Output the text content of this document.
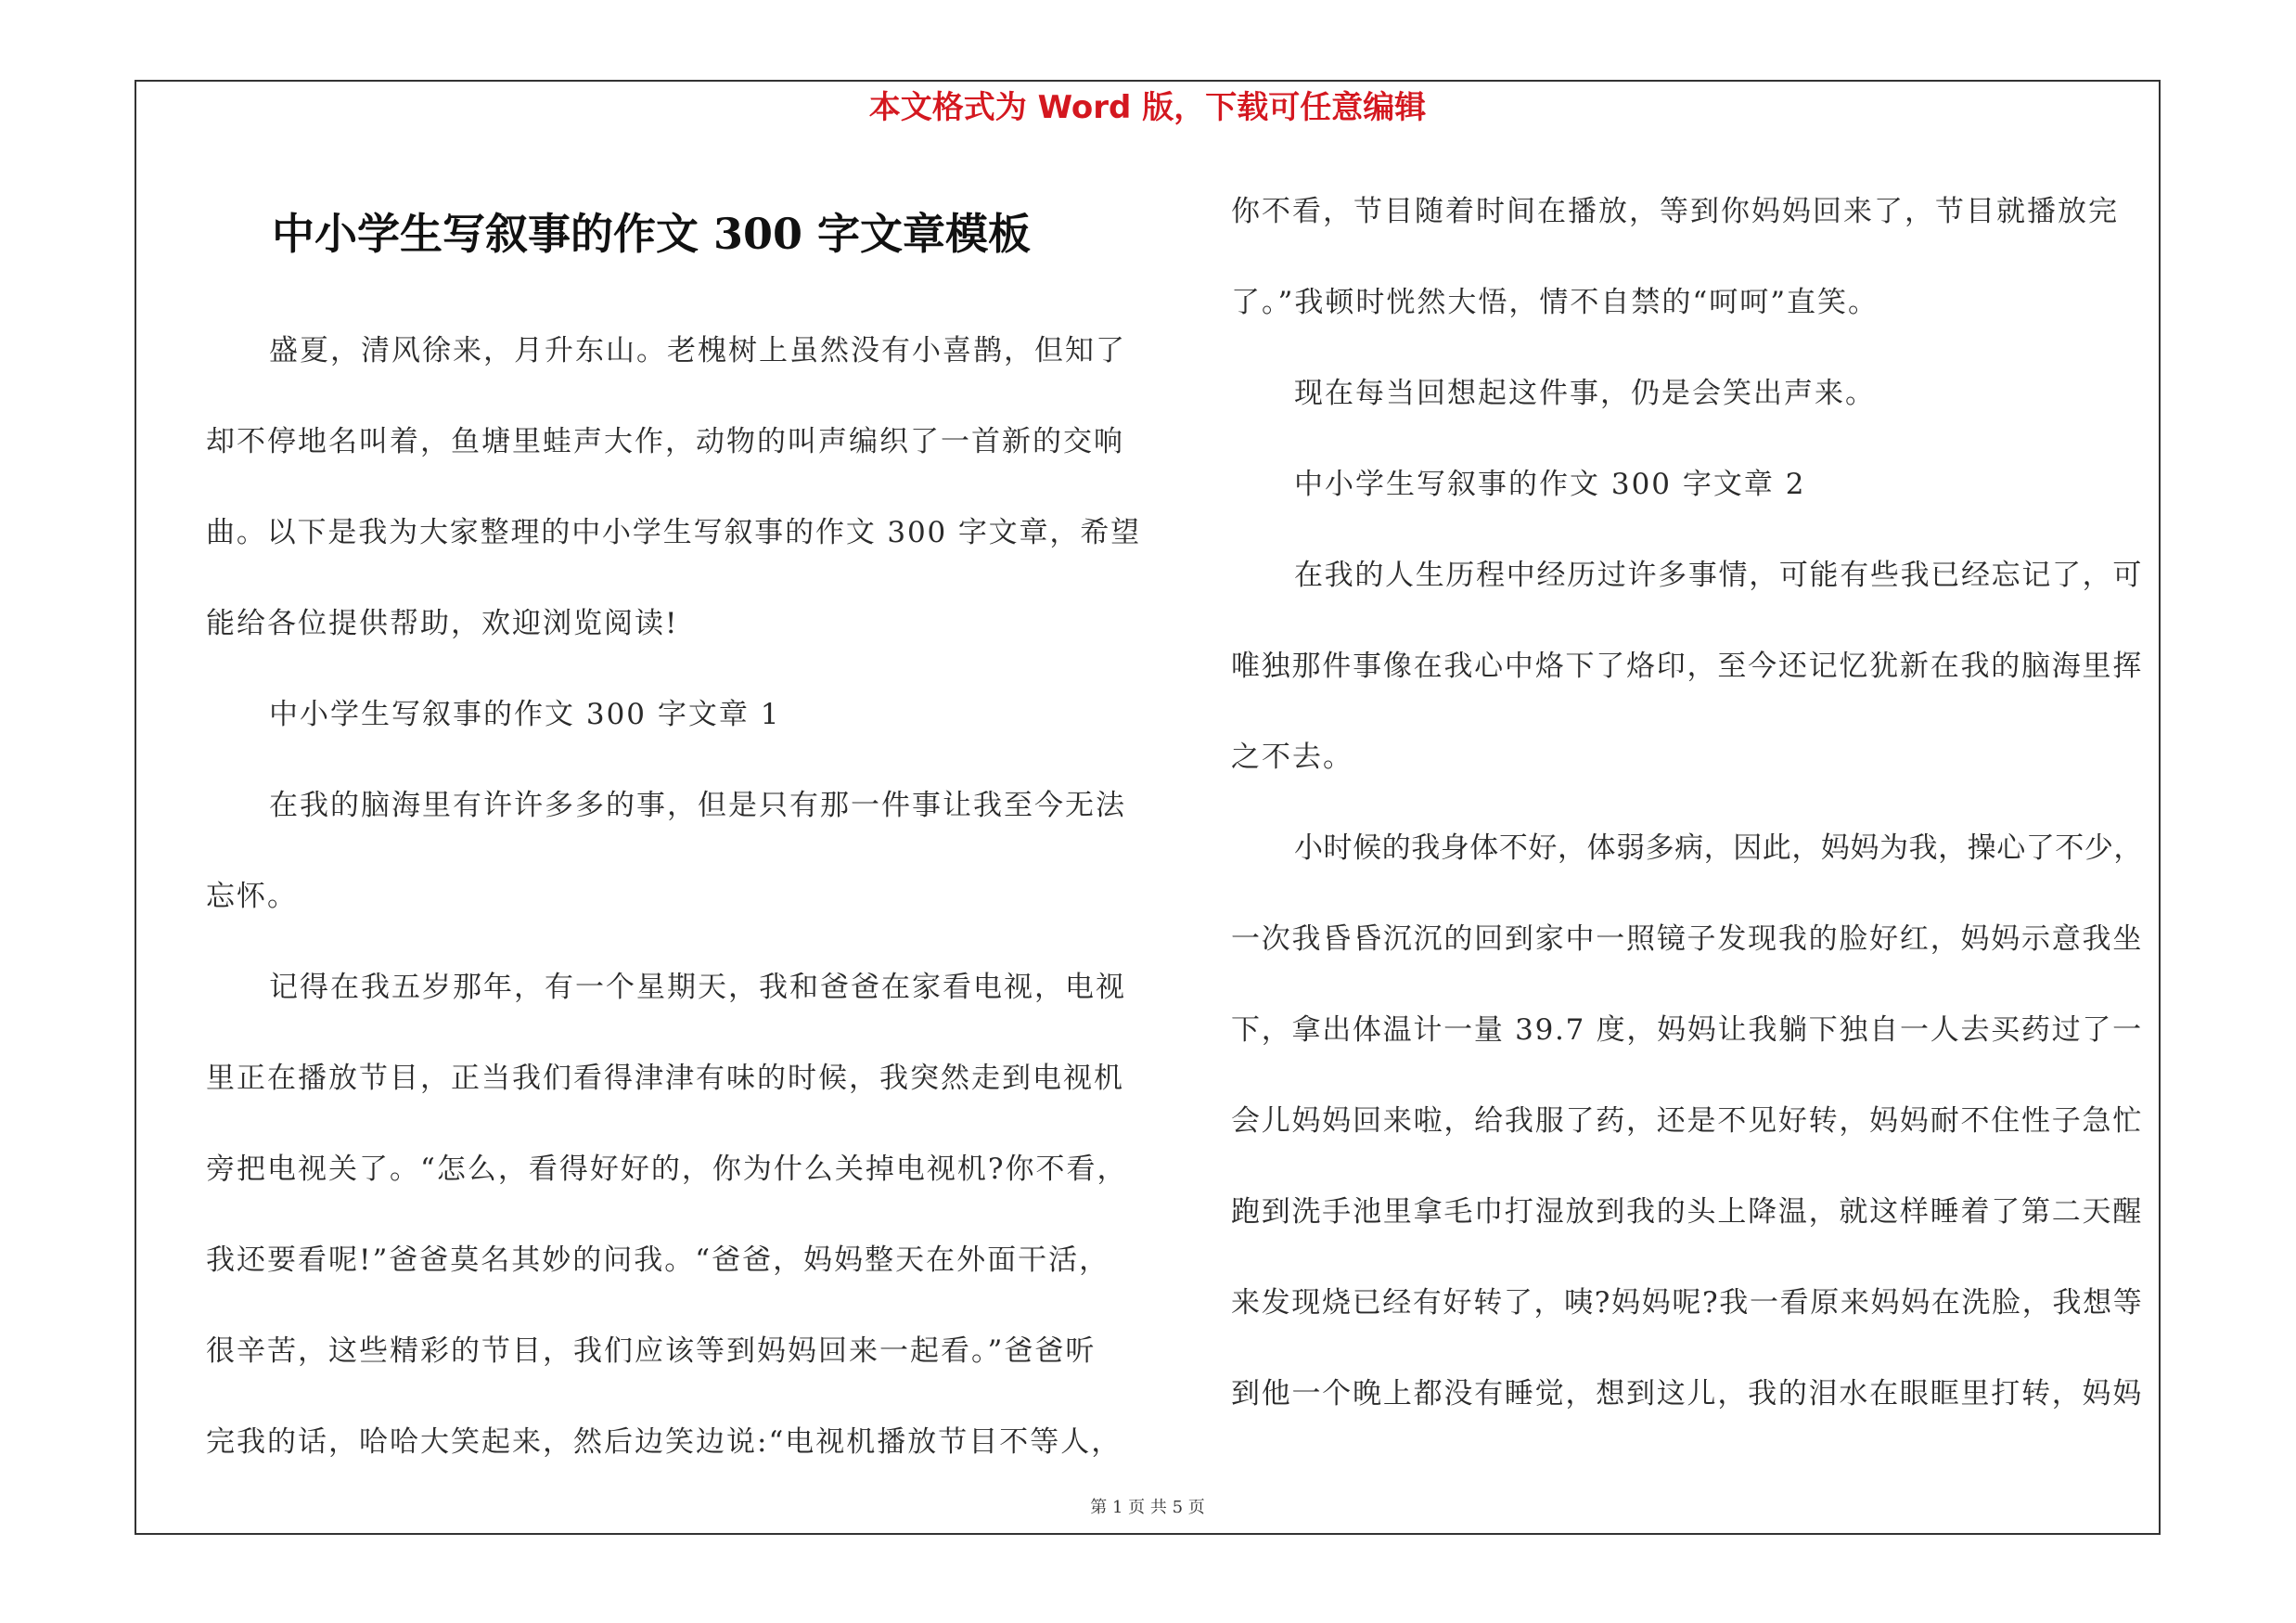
本文格式为 Word 版，下载可任意编辑
中小学生写叙事的作文 300 字文章模板
盛夏，清风徐来，月升东山。老槐树上虽然没有小喜鹊，但知了
却不停地名叫着，鱼塘里蛙声大作，动物的叫声编织了一首新的交响
曲。以下是我为大家整理的中小学生写叙事的作文 300 字文章，希望
能给各位提供帮助，欢迎浏览阅读!
中小学生写叙事的作文 300 字文章 1
在我的脑海里有许许多多的事，但是只有那一件事让我至今无法
忘怀。
记得在我五岁那年，有一个星期天，我和爸爸在家看电视，电视
里正在播放节目，正当我们看得津津有味的时候，我突然走到电视机
旁把电视关了。“怎么，看得好好的，你为什么关掉电视机?你不看，
我还要看呢!”爸爸莫名其妙的问我。“爸爸，妈妈整天在外面干活，
很辛苦，这些精彩的节目，我们应该等到妈妈回来一起看。”爸爸听
完我的话，哈哈大笑起来，然后边笑边说:“电视机播放节目不等人，
你不看，节目随着时间在播放，等到你妈妈回来了，节目就播放完
了。”我顿时恍然大悟，情不自禁的“呵呵”直笑。
现在每当回想起这件事，仍是会笑出声来。
中小学生写叙事的作文 300 字文章 2
在我的人生历程中经历过许多事情，可能有些我已经忘记了，可
唯独那件事像在我心中烙下了烙印，至今还记忆犹新在我的脑海里挥
之不去。
小时候的我身体不好，体弱多病，因此，妈妈为我，操心了不少，
一次我昏昏沉沉的回到家中一照镜子发现我的脸好红，妈妈示意我坐
下，拿出体温计一量 39.7 度，妈妈让我躺下独自一人去买药过了一
会儿妈妈回来啦，给我服了药，还是不见好转，妈妈耐不住性子急忙
跑到洗手池里拿毛巾打湿放到我的头上降温，就这样睡着了第二天醒
来发现烧已经有好转了，咦?妈妈呢?我一看原来妈妈在洗脸，我想等
到他一个晚上都没有睡觉，想到这儿，我的泪水在眼眶里打转，妈妈
第 1 页 共 5 页
